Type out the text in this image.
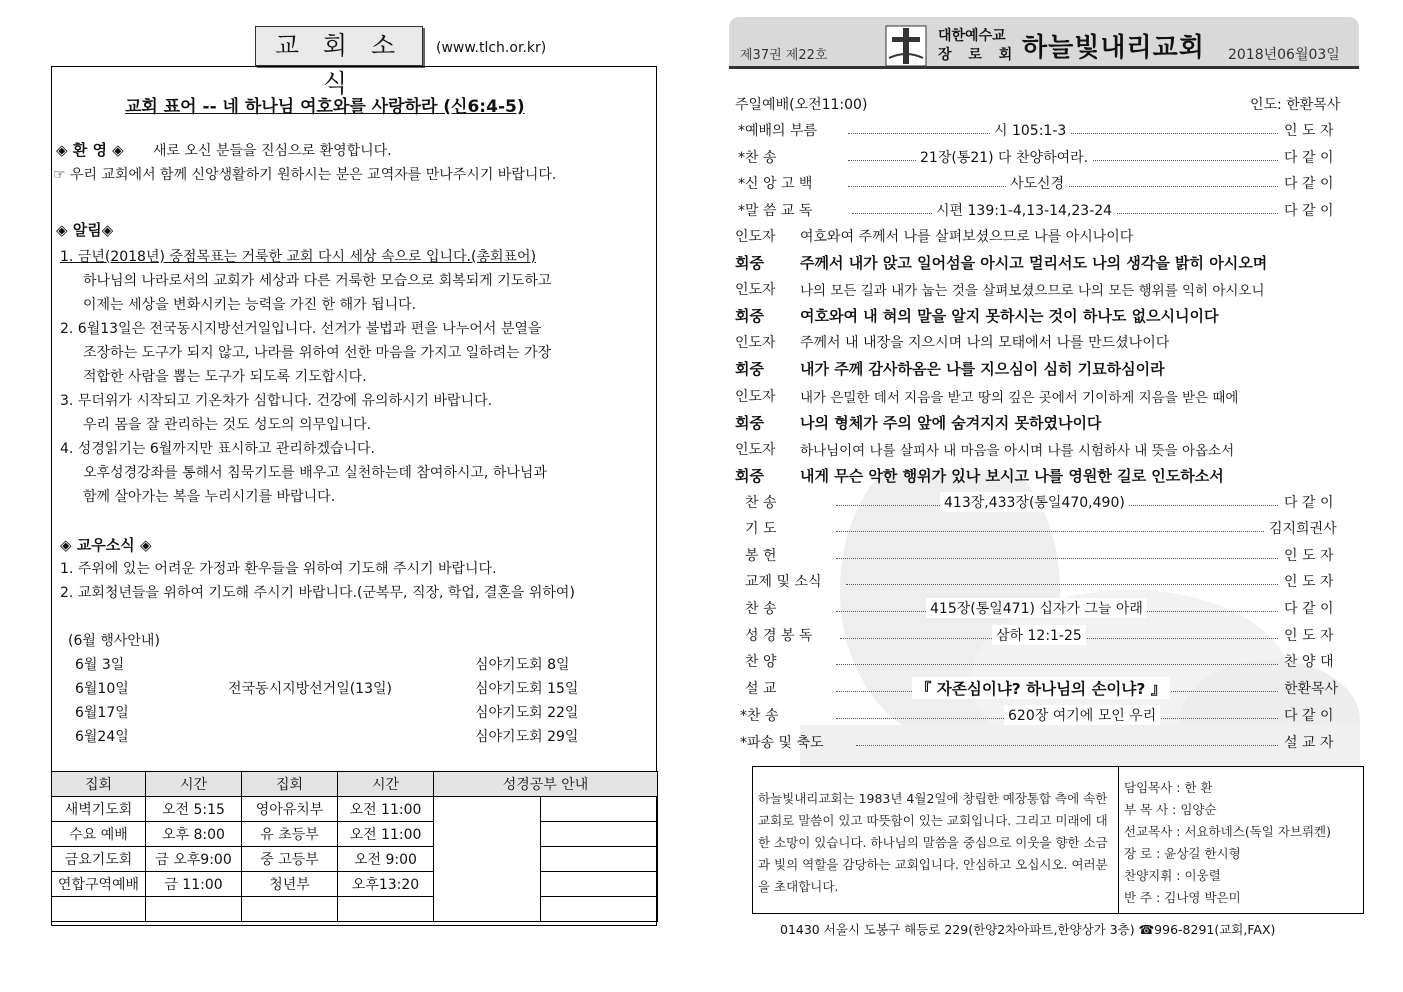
교 회 소 식
(www.tlch.or.kr)
교회 표어 -- 네 하나님 여호와를 사랑하라 (신6:4-5)
◈ 환 영 ◈ 새로 오신 분들을 진심으로 환영합니다.
☞ 우리 교회에서 함께 신앙생활하기 원하시는 분은 교역자를 만나주시기 바랍니다.
◈ 알림◈
1. 금년(2018년) 중점목표는 거룩한 교회 다시 세상 속으로 입니다.(총회표어)
하나님의 나라로서의 교회가 세상과 다른 거룩한 모습으로 회복되게 기도하고
이제는 세상을 변화시키는 능력을 가진 한 해가 됩니다.
2. 6월13일은 전국동시지방선거일입니다. 선거가 불법과 편을 나누어서 분열을
조장하는 도구가 되지 않고, 나라를 위하여 선한 마음을 가지고 일하려는 가장
적합한 사람을 뽑는 도구가 되도록 기도합시다.
3. 무더위가 시작되고 기온차가 심합니다. 건강에 유의하시기 바랍니다.
우리 몸을 잘 관리하는 것도 성도의 의무입니다.
4. 성경읽기는 6월까지만 표시하고 관리하겠습니다.
오후성경강좌를 통해서 침묵기도를 배우고 실천하는데 참여하시고, 하나님과
함께 살아가는 복을 누리시기를 바랍니다.
◈ 교우소식 ◈
1. 주위에 있는 어려운 가정과 환우들을 위하여 기도해 주시기 바랍니다.
2. 교회청년들을 위하여 기도해 주시기 바랍니다.(군복무, 직장, 학업, 결혼을 위하여)
(6월 행사안내)
6월 3일	심야기도회 8일
6월10일	전국동시지방선거일(13일)	심야기도회 15일
6월17일	심야기도회 22일
6월24일	심야기도회 29일
집회	시간	집회	시간	성경공부 안내	
새벽기도회	오전 5:15	영아유치부	오전 11:00		
수요 예배	오후 8:00	유 초등부	오전 11:00		
금요기도회	금 오후9:00	중 고등부	오전 9:00		
연합구역예배	금 11:00	청년부	오후13:20		

제37권 제22호
대한예수교
장 로 회 하늘빛내리교회 2018년06월03일
주일예배(오전11:00)	인도: 한환목사
*예배의 부름	시 105:1-3	인 도 자
*찬 송	21장(통21) 다 찬양하여라.	다 같 이
*신 앙 고 백	사도신경	다 같 이
*말 씀 교 독	시편 139:1-4,13-14,23-24	다 같 이
인도자 여호와여 주께서 나를 살펴보셨으므로 나를 아시나이다
회중 주께서 내가 앉고 일어섬을 아시고 멀리서도 나의 생각을 밝히 아시오며
인도자 나의 모든 길과 내가 눕는 것을 살펴보셨으므로 나의 모든 행위를 익히 아시오니
회중 여호와여 내 혀의 말을 알지 못하시는 것이 하나도 없으시니이다
인도자 주께서 내 내장을 지으시며 나의 모태에서 나를 만드셨나이다
회중 내가 주께 감사하옴은 나를 지으심이 심히 기묘하심이라
인도자 내가 은밀한 데서 지음을 받고 땅의 깊은 곳에서 기이하게 지음을 받은 때에
회중 나의 형체가 주의 앞에 숨겨지지 못하였나이다
인도자 하나님이여 나를 살피사 내 마음을 아시며 나를 시험하사 내 뜻을 아옵소서
회중 내게 무슨 악한 행위가 있나 보시고 나를 영원한 길로 인도하소서
찬 송	413장,433장(통일470,490)	다 같 이
기 도	김지희권사
봉 헌	인 도 자
교제 및 소식	인 도 자
찬 송	415장(통일471) 십자가 그늘 아래	다 같 이
성 경 봉 독	삼하 12:1-25	인 도 자
찬 양	찬 양 대
설 교	『 자존심이냐? 하나님의 손이냐? 』	한환목사
*찬 송	620장 여기에 모인 우리	다 같 이
*파송 및 축도	설 교 자
하늘빛내리교회는 1983년 4월2일에 창립한 예장통합 측에 속한 교회로 말씀이 있고 따뜻함이 있는 교회입니다. 그리고 미래에 대한 소망이 있습니다. 하나님의 말씀을 중심으로 이웃을 향한 소금과 빛의 역할을 감당하는 교회입니다. 안심하고 오십시오. 여러분을 초대합니다.
담임목사 : 한 환
부 목 사 : 임양순
선교목사 : 서요하네스(독일 자브뤼켄)
장 로 : 윤상길 한시형
찬양지휘 : 이웅렬
반 주 : 김나영 박은미
01430 서울시 도봉구 해등로 229(한양2차아파트,한양상가 3층) ☎996-8291(교회,FAX)
